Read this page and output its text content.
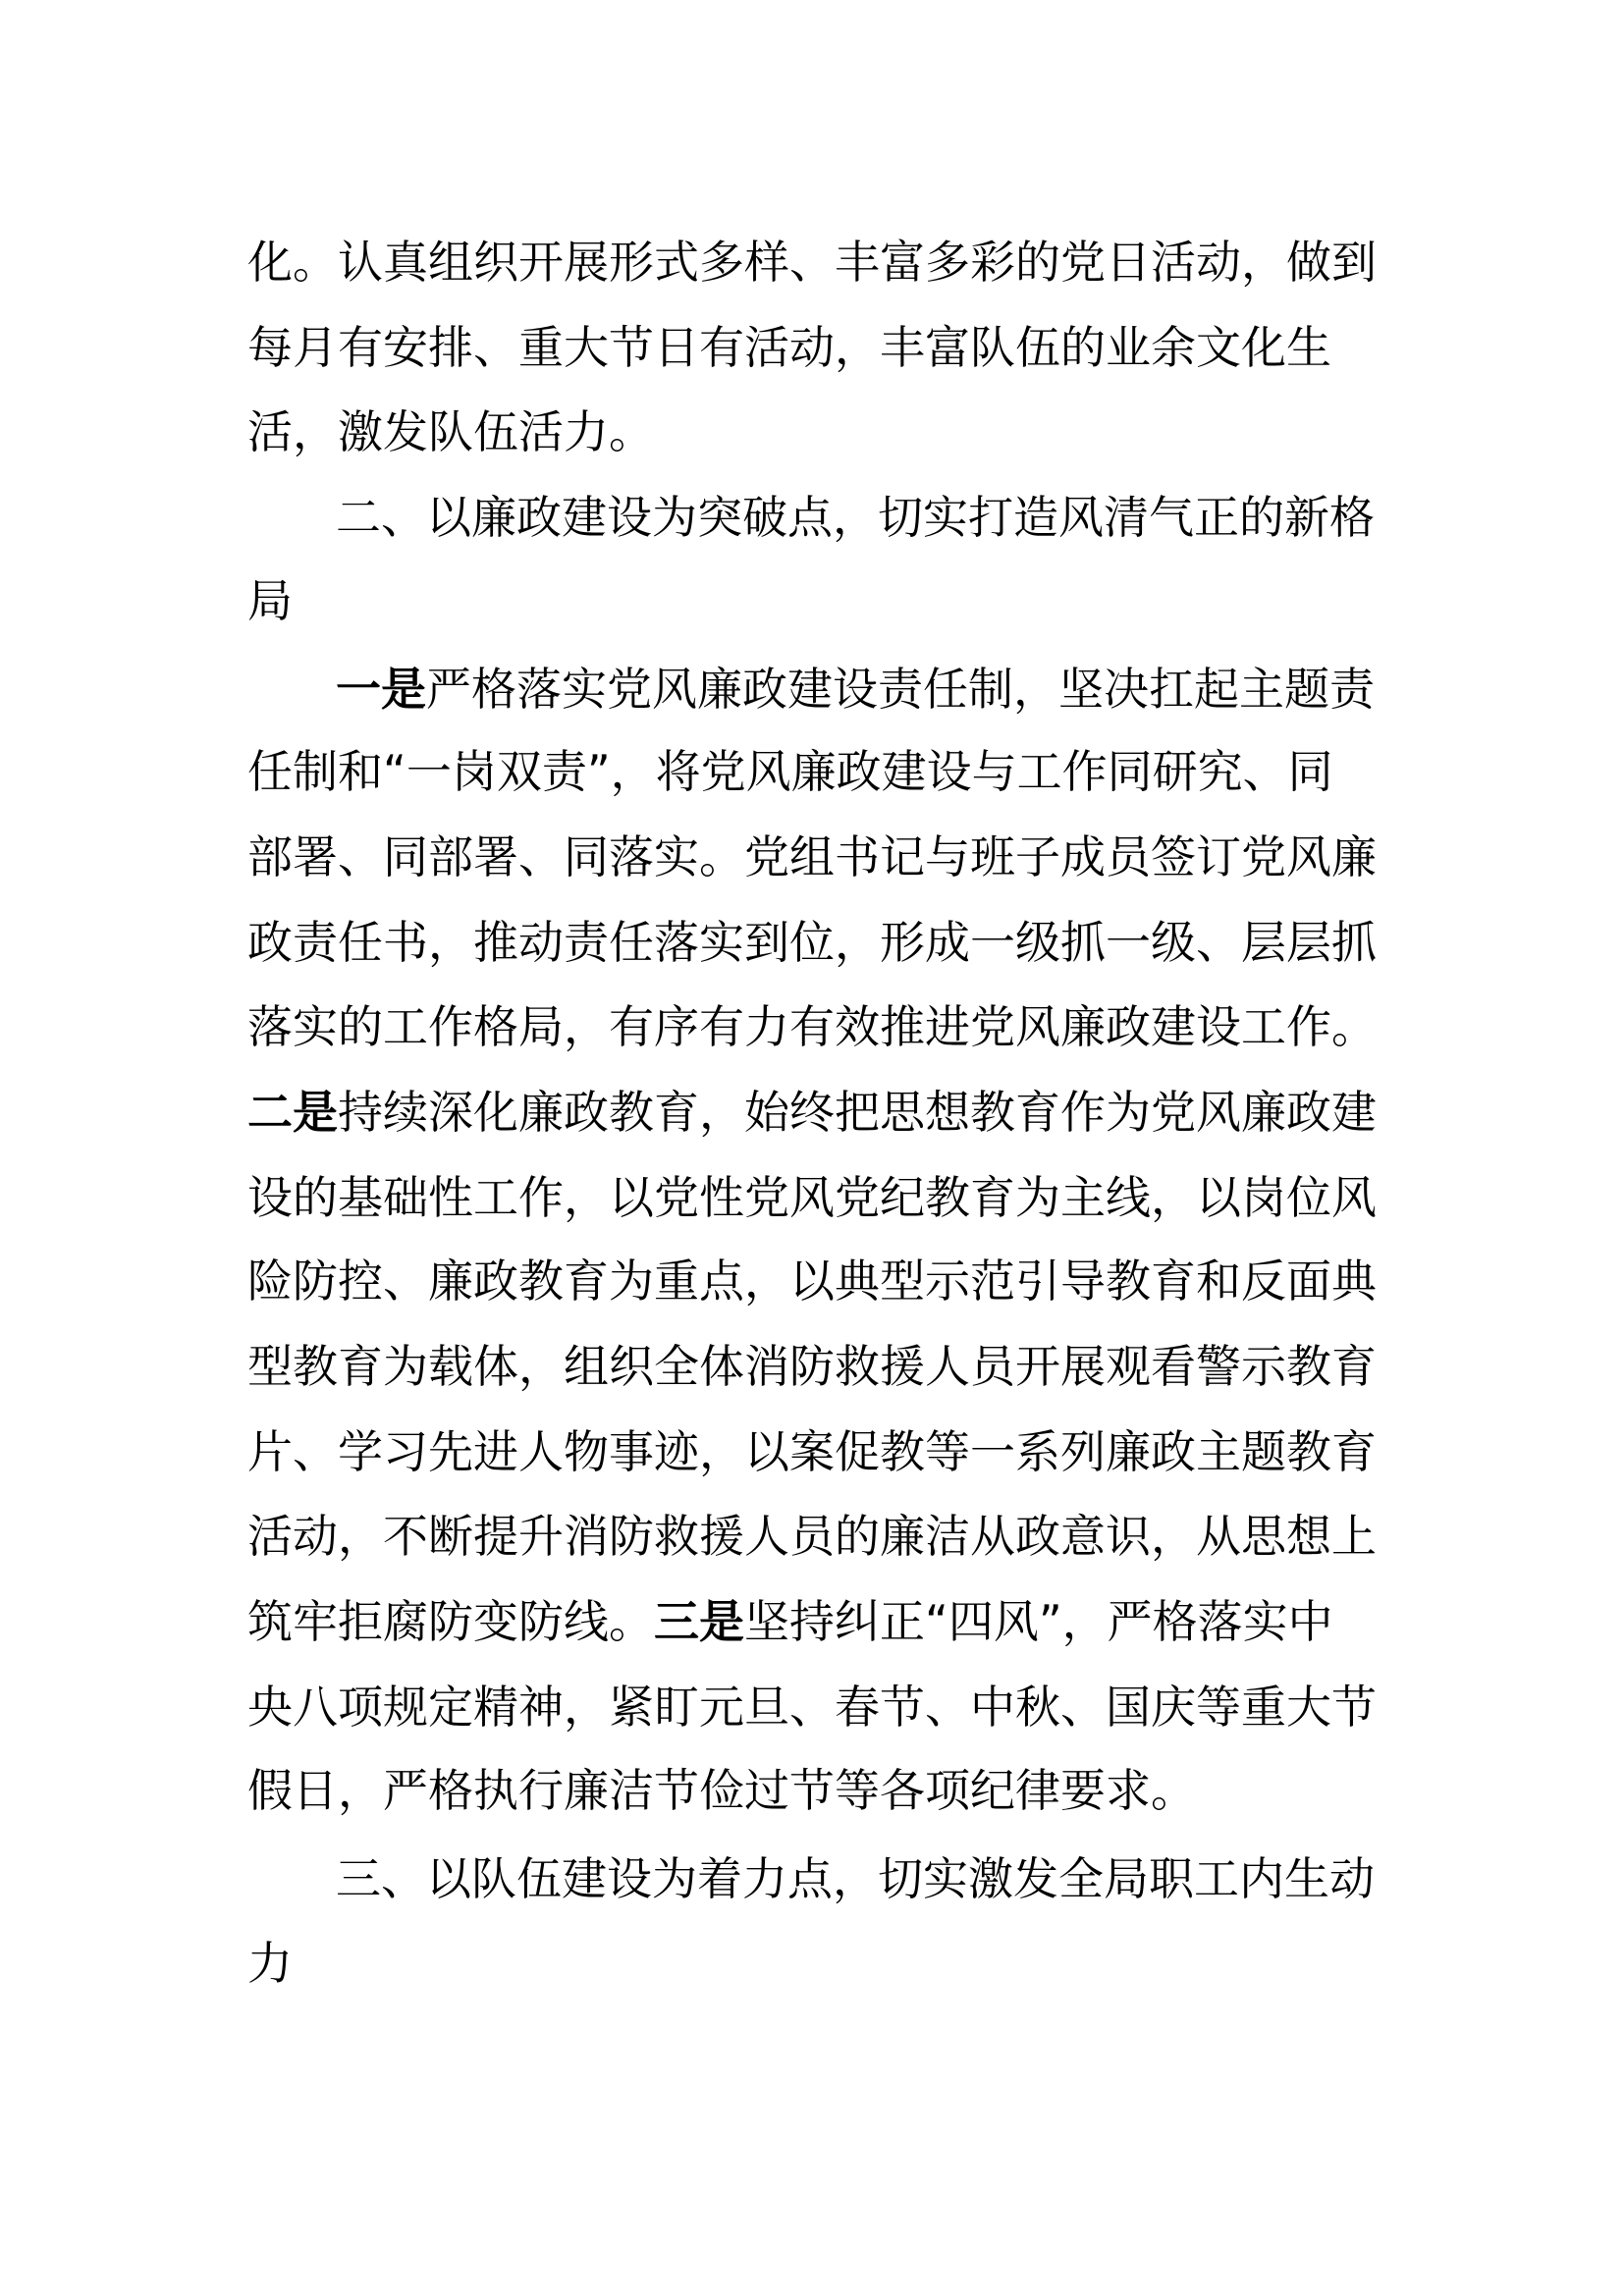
化。认真组织开展形式多样、丰富多彩的党日活动，做到
每月有安排、重大节日有活动，丰富队伍的业余文化生
活，激发队伍活力。
二、以廉政建设为突破点，切实打造风清气正的新格
局
一是严格落实党风廉政建设责任制，坚决扛起主题责
任制和“一岗双责”，将党风廉政建设与工作同研究、同
部署、同部署、同落实。党组书记与班子成员签订党风廉
政责任书，推动责任落实到位，形成一级抓一级、层层抓
落实的工作格局，有序有力有效推进党风廉政建设工作。
二是持续深化廉政教育，始终把思想教育作为党风廉政建
设的基础性工作，以党性党风党纪教育为主线，以岗位风
险防控、廉政教育为重点，以典型示范引导教育和反面典
型教育为载体，组织全体消防救援人员开展观看警示教育
片、学习先进人物事迹，以案促教等一系列廉政主题教育
活动，不断提升消防救援人员的廉洁从政意识，从思想上
筑牢拒腐防变防线。三是坚持纠正“四风”，严格落实中
央八项规定精神，紧盯元旦、春节、中秋、国庆等重大节
假日，严格执行廉洁节俭过节等各项纪律要求。
三、以队伍建设为着力点，切实激发全局职工内生动
力
